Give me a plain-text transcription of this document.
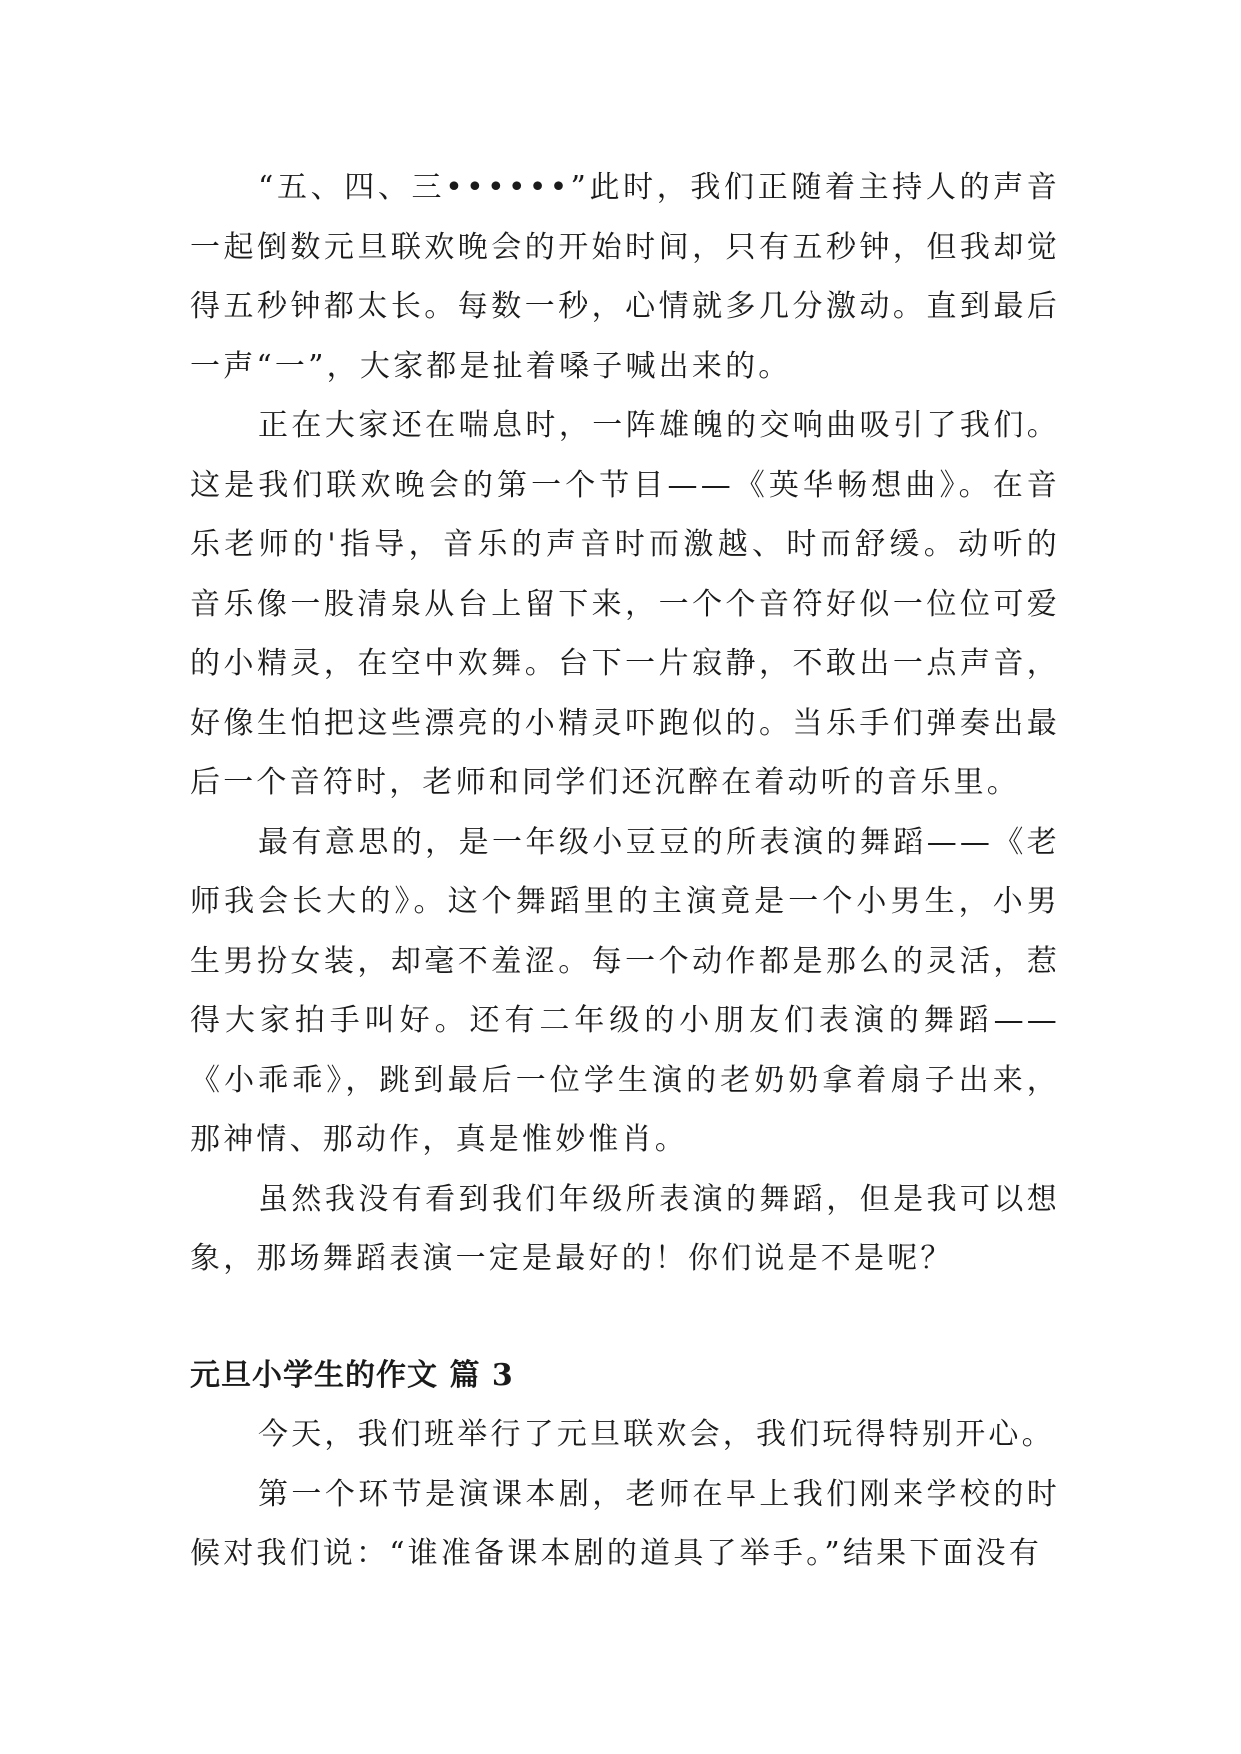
“五、四、三••••••”此时，我们正随着主持人的声音一起倒数元旦联欢晚会的开始时间，只有五秒钟，但我却觉得五秒钟都太长。每数一秒，心情就多几分激动。直到最后一声“一”，大家都是扯着嗓子喊出来的。

正在大家还在喘息时，一阵雄魄的交响曲吸引了我们。这是我们联欢晚会的第一个节目——《英华畅想曲》。在音乐老师的'指导，音乐的声音时而激越、时而舒缓。动听的音乐像一股清泉从台上留下来，一个个音符好似一位位可爱的小精灵，在空中欢舞。台下一片寂静，不敢出一点声音，好像生怕把这些漂亮的小精灵吓跑似的。当乐手们弹奏出最后一个音符时，老师和同学们还沉醉在着动听的音乐里。

最有意思的，是一年级小豆豆的所表演的舞蹈——《老师我会长大的》。这个舞蹈里的主演竟是一个小男生，小男生男扮女装，却毫不羞涩。每一个动作都是那么的灵活，惹得大家拍手叫好。还有二年级的小朋友们表演的舞蹈——《小乖乖》，跳到最后一位学生演的老奶奶拿着扇子出来，那神情、那动作，真是惟妙惟肖。

虽然我没有看到我们年级所表演的舞蹈，但是我可以想象，那场舞蹈表演一定是最好的！你们说是不是呢？

元旦小学生的作文 篇 3

今天，我们班举行了元旦联欢会，我们玩得特别开心。

第一个环节是演课本剧，老师在早上我们刚来学校的时候对我们说：“谁准备课本剧的道具了举手。”结果下面没有
